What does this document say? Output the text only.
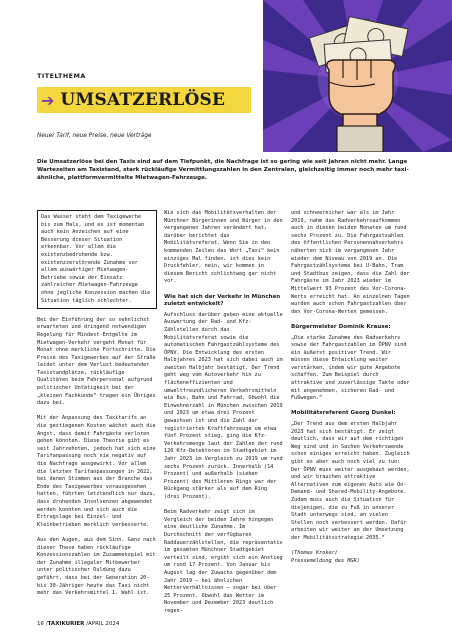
TITELTHEMA
➔ UMSATZERLÖSE
Neuer Tarif, neue Preise, neue Verträge
Die Umsatzerlöse bei den Taxis sind auf dem Tiefpunkt, die Nachfrage ist so gering wie seit Jahren nicht mehr. Lange Wartezeiten am Taxistand, stark rückläufige Vermittlungszahlen in den Zentralen, gleichzeitig immer noch mehr taxi-ähnliche, plattformvermittelte Mietwagen-Fahrzeuge.

Das Wasser steht dem Taxigewerbe bis zum Hals, und es ist momentan auch kein Anzeichen auf eine Besserung dieser Situation erkennbar. Vor allem die existenzbedrohende bzw. existenzzerstörende Zunahme vor allem auswärtiger Mietwagen-Betriebe sowie der Einsatz zahlreicher Mietwagen-Fahrzeuge ohne jegliche Konzession machen die Situation täglich schlechter.

Bei der Einführung der so sehnlichst erwarteten und dringend notwendigen Regelung für Mindest-Entgelte im Mietwagen-Verkehr vergeht Monat für Monat ohne merkliche Fortschritte. Die Preise des Taxigewerbes auf der Straße leidet unter dem Verlust bedeutender Taxistandplätze, rückläufige Qualitäten beim Fahrpersonal aufgrund politischer Untätigkeit bei der „kleinen Fachkunde“ tragen ein Übriges dazu bei.

Mit der Anpassung des Taxitarifs an die gestiegenen Kosten wächst auch die Angst, dass damit Fahrgäste verloren gehen könnten. Diese Theorie gibt es seit Jahrzehnten, jedoch hat sich eine Tarifanpassung noch nie negativ auf die Nachfrage ausgewirkt. Vor allem die letzten Tarifanpassungen in 2022, bei denen Stimmen aus der Branche das Ende des Taxigewerbes vorausgesehen hatten, führten letztendlich nur dazu, dass drohenden Insolvenzen abgewendet werden konnten und sich auch die Ertragslage bei Einzel- und Kleinbetrieben merklich verbesserte.

Aus den Augen, aus dem Sinn. Ganz nach dieser These haben rückläufige Konzessionszahlen im Zusammenspiel mit der Zunahme illegaler Mitbewerber unter politischer Duldung dazu geführt, dass bei der Generation 20- bis 30-Jähriger heute das Taxi nicht mehr das Verkehrsmittel 1. Wahl ist.

Wie sich das Mobilitätsverhalten der Münchner Bürgerinnen und Bürger in den vergangenen Jahren verändert hat, darüber berichtet das Mobilitätsreferat. Wenn Sie in den kommenden Zeilen das Wort „Taxi“ kein einziges Mal finden, ist dies kein Druckfehler, nein, wir kommen in diesem Bericht schlichtweg gar nicht vor.

Wie hat sich der Verkehr in München zuletzt entwickelt?

Aufschluss darüber geben eine aktuelle Auswertung der Rad- und Kfz-Zählstellen durch das Mobilitätsreferat sowie die automatischen Fahrgastzählsysteme des ÖPNV. Die Entwicklung des ersten Halbjahres 2023 hat sich dabei auch im zweiten Halbjahr bestätigt. Der Trend geht weg vom Autoverkehr hin zu flächeneffizienten und umweltfreundlicheren Verkehrsmitteln wie Bus, Bahn und Fahrrad. Obwohl die Einwohnerzahl in München zwischen 2019 und 2023 um etwa drei Prozent gewachsen ist und die Zahl der registrierten Kraftfahrzeuge um etwa fünf Prozent stieg, ging die Kfz-Verkehrsmenge laut der Zahlen der rund 120 Kfz-Detektoren im Stadtgebiet im Jahr 2023 im Vergleich zu 2019 um rund sechs Prozent zurück. Innerhalb (14 Prozent) und außerhalb (sieben Prozent) des Mittleren Rings war der Rückgang stärker als auf dem Ring (drei Prozent).

Beim Radverkehr zeigt sich im Vergleich der beiden Jahre hingegen eine deutliche Zunahme. Im Durchschnitt der verfügbaren Raddauerzählstellen, die repräsentativ im gesamten Münchner Stadtgebiet verteilt sind, ergibt sich ein Anstieg um rund 17 Prozent. Von Januar bis August lag der Zuwachs gegenüber dem Jahr 2019 – bei ähnlichen Wetterverhältnissen – sogar bei über 25 Prozent. Obwohl das Wetter im November und Dezember 2023 deutlich regen-

und schneereicher war als im Jahr 2019, nahm das Radverkehrsaufkommen auch in diesen beiden Monaten um rund sechs Prozent zu. Die Fahrgastzahlen des öffentlichen Personennahverkehrs näherten sich im vergangenen Jahr wieder dem Niveau von 2019 an. Die Fahrgastzählsysteme bei U-Bahn, Tram und Stadtbus zeigen, dass die Zahl der Fahrgäste im Jahr 2023 wieder im Mittelwert 93 Prozent des Vor-Corona-Werts erreicht hat. An einzelnen Tagen wurden auch schon Fahrgastzahlen über den Vor-Corona-Werten gemessen.

Bürgermeister Dominik Krause:

„Die starke Zunahme des Radverkehrs sowie der Fahrgastzahlen im ÖPNV sind ein äußerst positiver Trend. Wir müssen diese Entwicklung weiter verstärken, indem wir gute Angebote schaffen. Zum Beispiel durch attraktive und zuverlässige Takte oder mit angenehmen, sicheren Rad- und Fußwegen.“

Mobilitätsreferent Georg Dunkel:

„Der Trend aus dem ersten Halbjahr 2023 hat sich bestätigt. Er zeigt deutlich, dass wir auf dem richtigen Weg sind und in Sachen Verkehrswende schon einiges erreicht haben. Zugleich gibt es aber auch noch viel zu tun: Der ÖPNV muss weiter ausgebaut werden, und wir brauchen attraktive Alternativen zum eigenen Auto wie On-Demand- und Shared-Mobility-Angebote. Zudem muss auch die Situation für diejenigen, die zu Fuß in unserer Stadt unterwegs sind, an vielen Stellen noch verbessert werden. Dafür arbeiten wir weiter an der Umsetzung der Mobilitätsstrategie 2035.“

(Thomas Kroker/
Pressemeldung des MGR)

16 /TAXIKURIER /APRIL 2024
